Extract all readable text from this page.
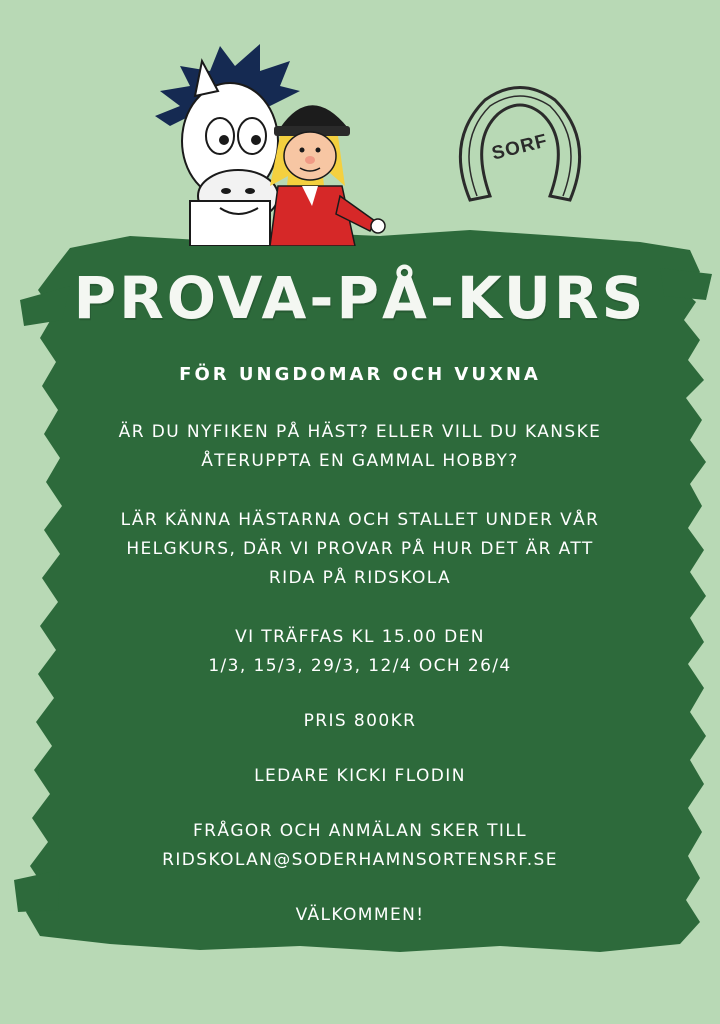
SORF
PROVA-PÅ-KURS
FÖR UNGDOMAR OCH VUXNA
ÄR DU NYFIKEN PÅ HÄST? ELLER VILL DU KANSKE
ÅTERUPPTA EN GAMMAL HOBBY?
LÄR KÄNNA HÄSTARNA OCH STALLET UNDER VÅR
HELGKURS, DÄR VI PROVAR PÅ HUR DET ÄR ATT
RIDA PÅ RIDSKOLA
VI TRÄFFAS KL 15.00 DEN
1/3, 15/3, 29/3, 12/4 OCH 26/4
PRIS 800KR
LEDARE KICKI FLODIN
FRÅGOR OCH ANMÄLAN SKER TILL
RIDSKOLAN@SODERHAMNSORTENSRF.SE
VÄLKOMMEN!
